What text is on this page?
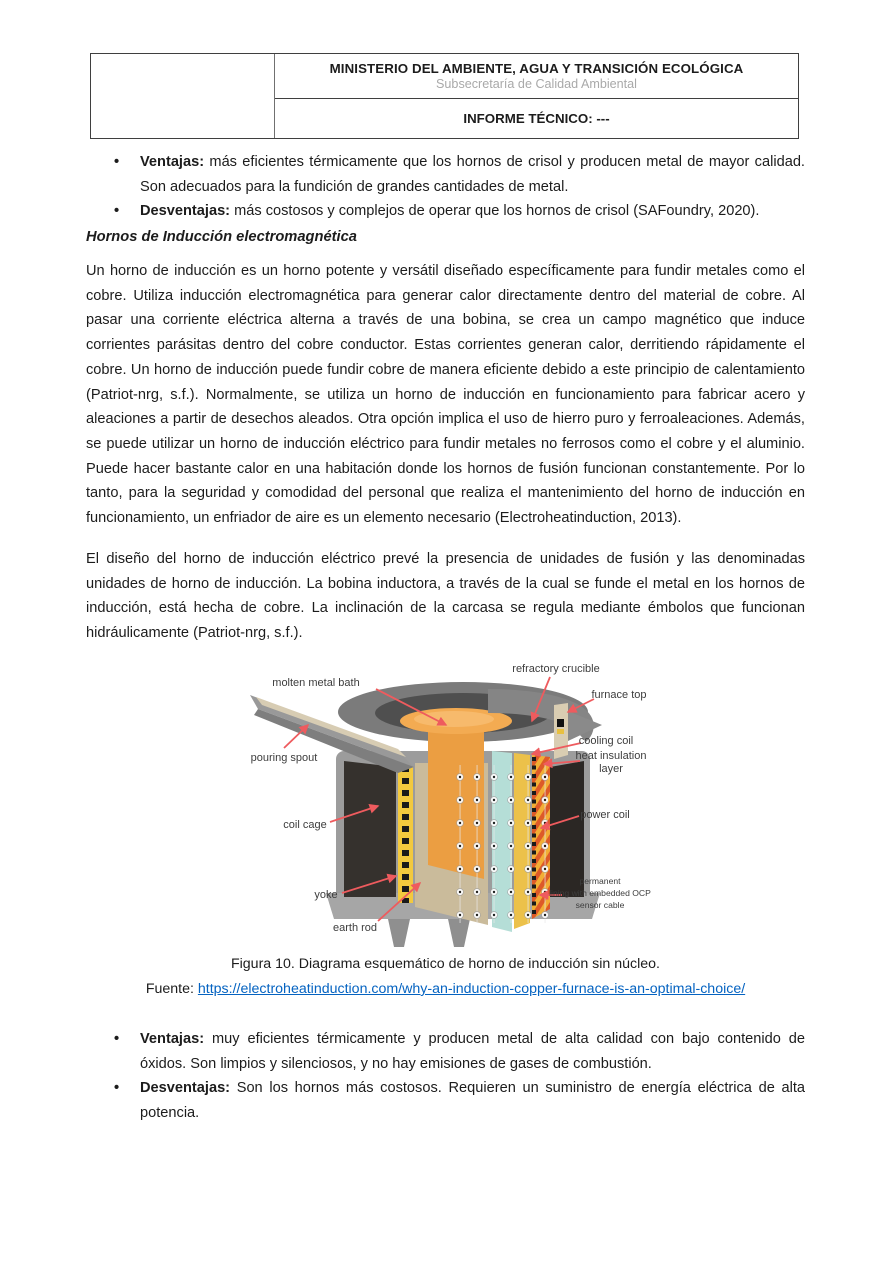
MINISTERIO DEL AMBIENTE, AGUA Y TRANSICIÓN ECOLÓGICA
Subsecretaría de Calidad Ambiental
INFORME TÉCNICO: ---
• Ventajas: más eficientes térmicamente que los hornos de crisol y producen metal de mayor calidad. Son adecuados para la fundición de grandes cantidades de metal.
• Desventajas: más costosos y complejos de operar que los hornos de crisol (SAFoundry, 2020).
Hornos de Inducción electromagnética
Un horno de inducción es un horno potente y versátil diseñado específicamente para fundir metales como el cobre. Utiliza inducción electromagnética para generar calor directamente dentro del material de cobre. Al pasar una corriente eléctrica alterna a través de una bobina, se crea un campo magnético que induce corrientes parásitas dentro del cobre conductor. Estas corrientes generan calor, derritiendo rápidamente el cobre. Un horno de inducción puede fundir cobre de manera eficiente debido a este principio de calentamiento (Patriot-nrg, s.f.). Normalmente, se utiliza un horno de inducción en funcionamiento para fabricar acero y aleaciones a partir de desechos aleados. Otra opción implica el uso de hierro puro y ferroaleaciones. Además, se puede utilizar un horno de inducción eléctrico para fundir metales no ferrosos como el cobre y el aluminio. Puede hacer bastante calor en una habitación donde los hornos de fusión funcionan constantemente. Por lo tanto, para la seguridad y comodidad del personal que realiza el mantenimiento del horno de inducción en funcionamiento, un enfriador de aire es un elemento necesario (Electroheatinduction, 2013).
El diseño del horno de inducción eléctrico prevé la presencia de unidades de fusión y las denominadas unidades de horno de inducción. La bobina inductora, a través de la cual se funde el metal en los hornos de inducción, está hecha de cobre. La inclinación de la carcasa se regula mediante émbolos que funcionan hidráulicamente (Patriot-nrg, s.f.).
molten metal bath
refractory crucible
furnace top
pouring spout
cooling coil
heat insulation
layer
power coil
coil cage
yoke
earth rod
permanent
lining with embedded OCP
sensor cable
Figura 10. Diagrama esquemático de horno de inducción sin núcleo.
Fuente: https://electroheatinduction.com/why-an-induction-copper-furnace-is-an-optimal-choice/
• Ventajas: muy eficientes térmicamente y producen metal de alta calidad con bajo contenido de óxidos. Son limpios y silenciosos, y no hay emisiones de gases de combustión.
• Desventajas: Son los hornos más costosos. Requieren un suministro de energía eléctrica de alta potencia.
